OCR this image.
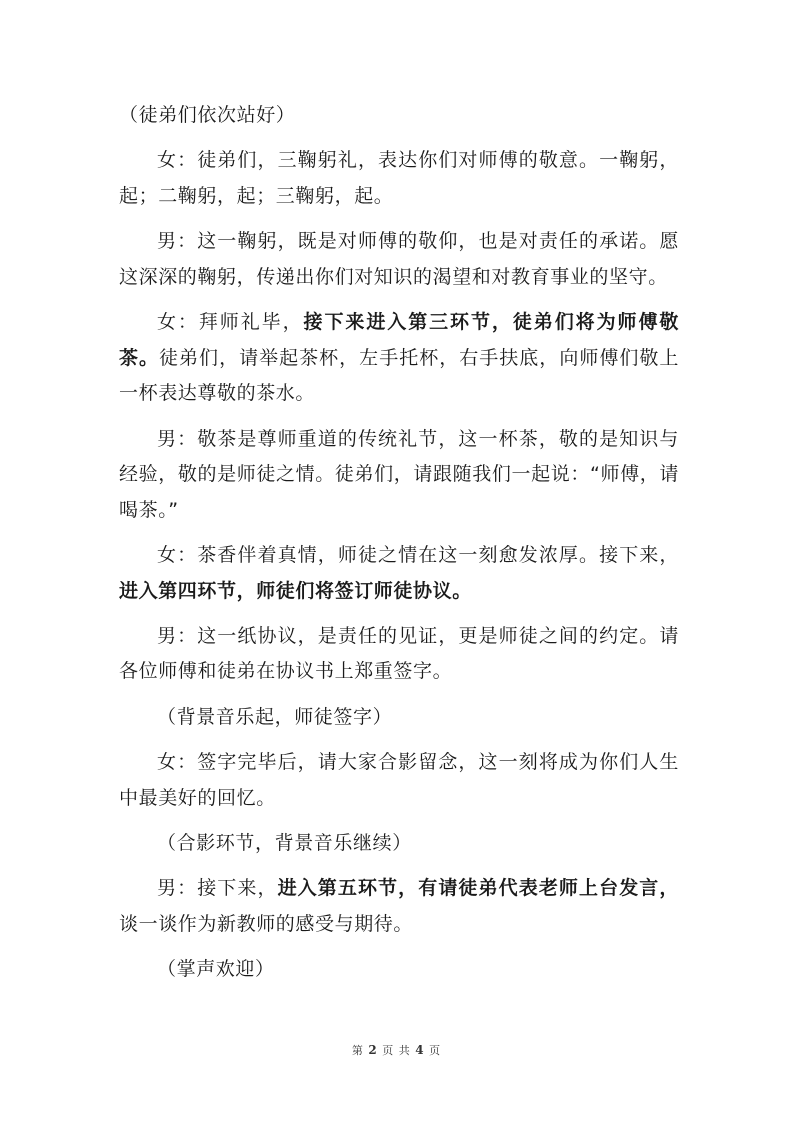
（徒弟们依次站好）

女：徒弟们，三鞠躬礼，表达你们对师傅的敬意。一鞠躬，起；二鞠躬，起；三鞠躬，起。

男：这一鞠躬，既是对师傅的敬仰，也是对责任的承诺。愿这深深的鞠躬，传递出你们对知识的渴望和对教育事业的坚守。

女：拜师礼毕，接下来进入第三环节，徒弟们将为师傅敬茶。徒弟们，请举起茶杯，左手托杯，右手扶底，向师傅们敬上一杯表达尊敬的茶水。

男：敬茶是尊师重道的传统礼节，这一杯茶，敬的是知识与经验，敬的是师徒之情。徒弟们，请跟随我们一起说：“师傅，请喝茶。”

女：茶香伴着真情，师徒之情在这一刻愈发浓厚。接下来，进入第四环节，师徒们将签订师徒协议。

男：这一纸协议，是责任的见证，更是师徒之间的约定。请各位师傅和徒弟在协议书上郑重签字。

（背景音乐起，师徒签字）

女：签字完毕后，请大家合影留念，这一刻将成为你们人生中最美好的回忆。

（合影环节，背景音乐继续）

男：接下来，进入第五环节，有请徒弟代表老师上台发言，谈一谈作为新教师的感受与期待。

（掌声欢迎）

第 2 页 共 4 页
